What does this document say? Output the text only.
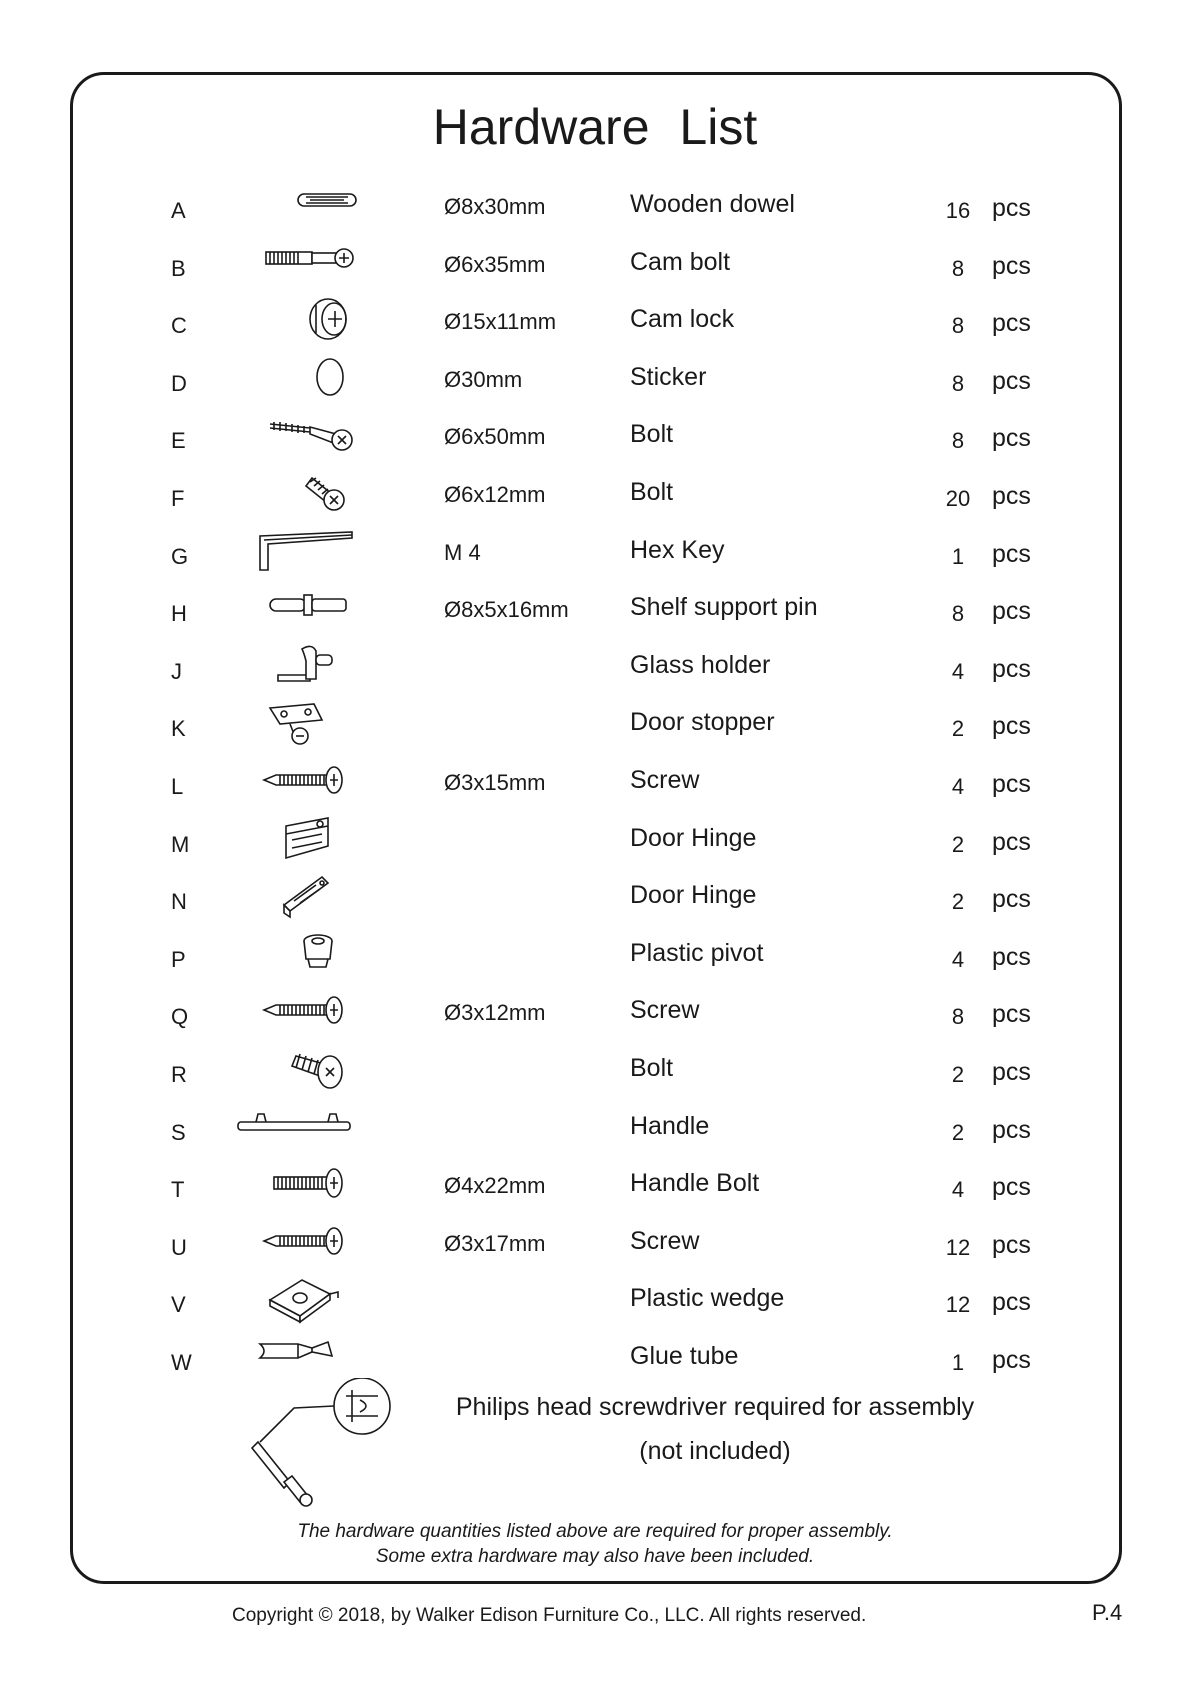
Hardware List
A	Ø8x30mm	Wooden dowel	16 pcs
B	Ø6x35mm	Cam bolt	8	pcs
C	Ø15x11mm	Cam lock	8	pcs
D	Ø30mm	Sticker	8	pcs
E	Ø6x50mm	Bolt	8	pcs
F	Ø6x12mm	Bolt	20 pcs
G	M 4	Hex Key	1	pcs
H	Ø8x5x16mm Shelf support pin	8	pcs
J	Glass holder	4	pcs
K	Door stopper	2	pcs
L	Ø3x15mm	Screw	4	pcs
M	Door Hinge	2	pcs
N	Door Hinge	2	pcs
P	Plastic pivot	4	pcs
Q	Ø3x12mm	Screw	8	pcs
R	Bolt	2	pcs
S	Handle	2	pcs
T	Ø4x22mm	Handle Bolt	4	pcs
U	Ø3x17mm	Screw	12 pcs
V	Plastic wedge	12 pcs
W	Glue tube	1	pcs
Philips head screwdriver required for assembly
(not included)
The hardware quantities listed above are required for proper assembly.
Some extra hardware may also have been included.
Copyright © 2018, by Walker Edison Furniture Co., LLC. All rights reserved.	P.4
